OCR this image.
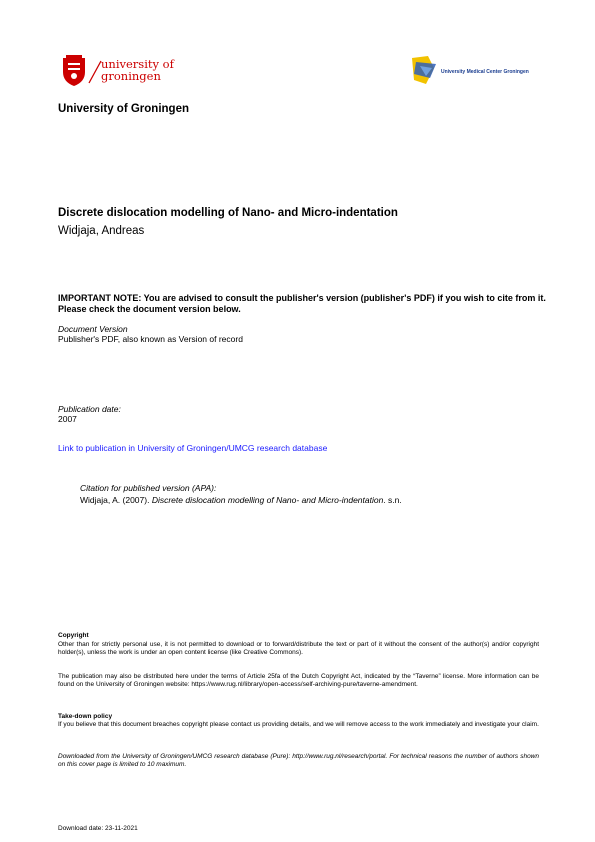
university of
groningen	University Medical Center Groningen
University of Groningen
Discrete dislocation modelling of Nano- and Micro-indentation
Widjaja, Andreas
IMPORTANT NOTE: You are advised to consult the publisher's version (publisher's PDF) if you wish to cite from it. Please check the document version below.
Document Version
Publisher's PDF, also known as Version of record
Publication date:
2007
Link to publication in University of Groningen/UMCG research database
Citation for published version (APA):
Widjaja, A. (2007). Discrete dislocation modelling of Nano- and Micro-indentation. s.n.
Copyright
Other than for strictly personal use, it is not permitted to download or to forward/distribute the text or part of it without the consent of the author(s) and/or copyright holder(s), unless the work is under an open content license (like Creative Commons).
The publication may also be distributed here under the terms of Article 25fa of the Dutch Copyright Act, indicated by the “Taverne” license. More information can be found on the University of Groningen website: https://www.rug.nl/library/open-access/self-archiving-pure/taverne-amendment.
Take-down policy
If you believe that this document breaches copyright please contact us providing details, and we will remove access to the work immediately and investigate your claim.
Downloaded from the University of Groningen/UMCG research database (Pure): http://www.rug.nl/research/portal. For technical reasons the number of authors shown on this cover page is limited to 10 maximum.
Download date: 23-11-2021
